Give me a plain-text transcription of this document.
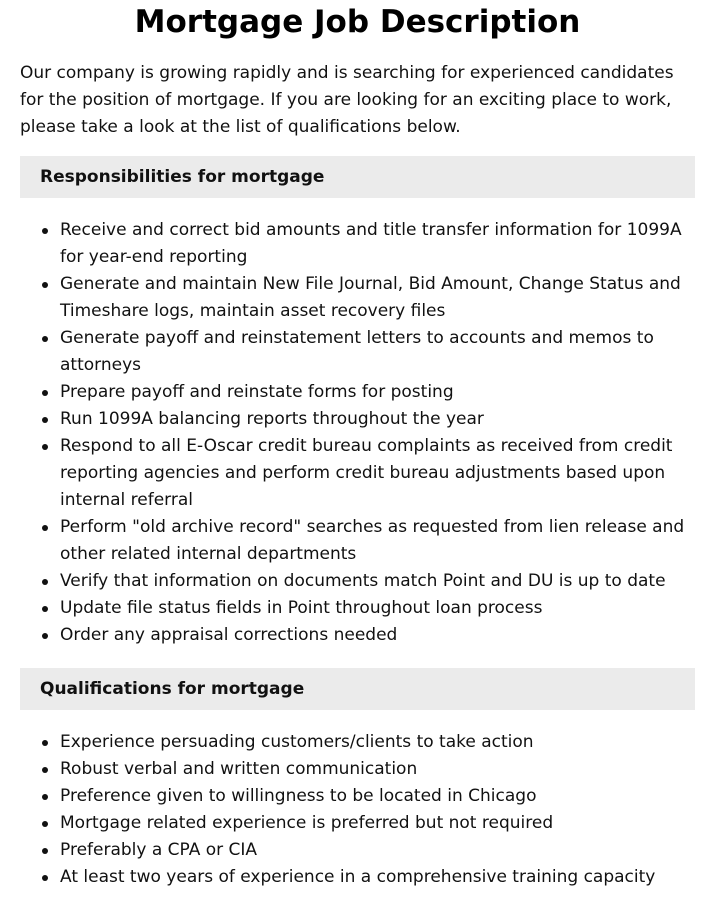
Mortgage Job Description

Our company is growing rapidly and is searching for experienced candidates for the position of mortgage. If you are looking for an exciting place to work, please take a look at the list of qualifications below.

Responsibilities for mortgage
Receive and correct bid amounts and title transfer information for 1099A for year-end reporting
Generate and maintain New File Journal, Bid Amount, Change Status and Timeshare logs, maintain asset recovery files
Generate payoff and reinstatement letters to accounts and memos to attorneys
Prepare payoff and reinstate forms for posting
Run 1099A balancing reports throughout the year
Respond to all E-Oscar credit bureau complaints as received from credit reporting agencies and perform credit bureau adjustments based upon internal referral
Perform "old archive record" searches as requested from lien release and other related internal departments
Verify that information on documents match Point and DU is up to date
Update file status fields in Point throughout loan process
Order any appraisal corrections needed
Qualifications for mortgage
Experience persuading customers/clients to take action
Robust verbal and written communication
Preference given to willingness to be located in Chicago
Mortgage related experience is preferred but not required
Preferably a CPA or CIA
At least two years of experience in a comprehensive training capacity
